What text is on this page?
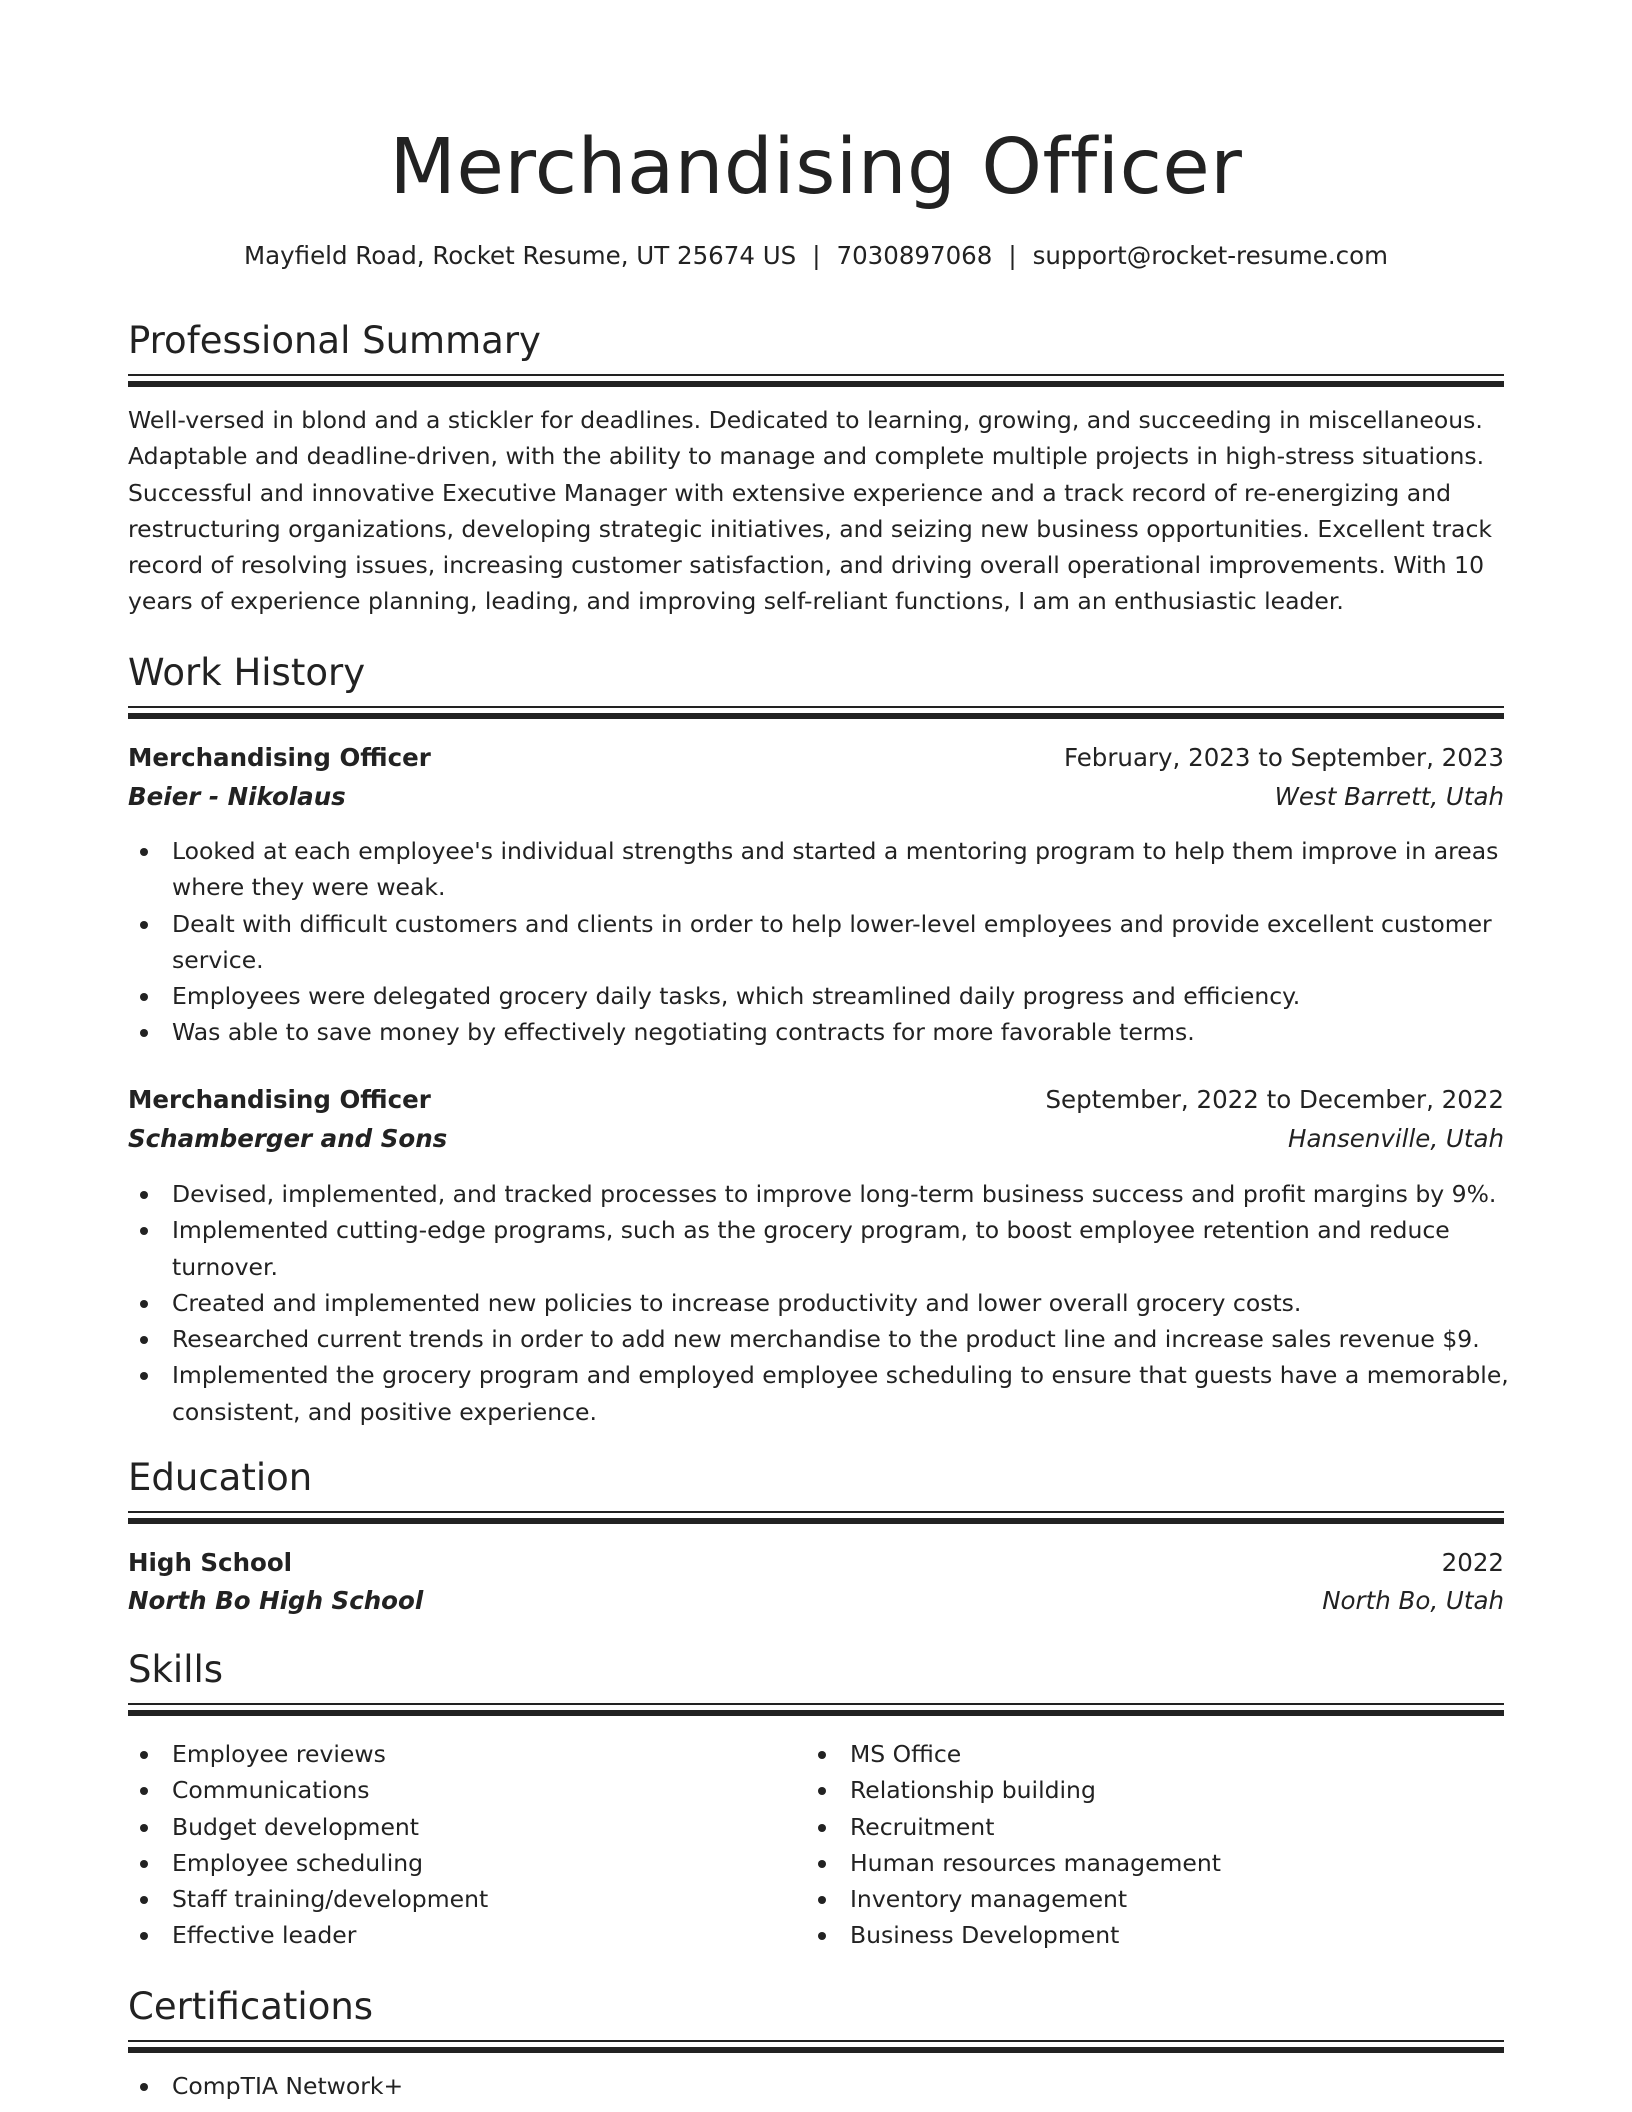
Merchandising Officer
Mayfield Road, Rocket Resume, UT 25674 US | 7030897068 | support@rocket-resume.com
Professional Summary
Well-versed in blond and a stickler for deadlines. Dedicated to learning, growing, and succeeding in miscellaneous.
Adaptable and deadline-driven, with the ability to manage and complete multiple projects in high-stress situations.
Successful and innovative Executive Manager with extensive experience and a track record of re-energizing and
restructuring organizations, developing strategic initiatives, and seizing new business opportunities. Excellent track
record of resolving issues, increasing customer satisfaction, and driving overall operational improvements. With 10
years of experience planning, leading, and improving self-reliant functions, I am an enthusiastic leader.
Work History
Merchandising Officer	February, 2023 to September, 2023
Beier - Nikolaus	West Barrett, Utah
Looked at each employee's individual strengths and started a mentoring program to help them improve in areas
where they were weak.
Dealt with difficult customers and clients in order to help lower-level employees and provide excellent customer
service.
Employees were delegated grocery daily tasks, which streamlined daily progress and efficiency.
Was able to save money by effectively negotiating contracts for more favorable terms.
Merchandising Officer	September, 2022 to December, 2022
Schamberger and Sons	Hansenville, Utah
Devised, implemented, and tracked processes to improve long-term business success and profit margins by 9%.
Implemented cutting-edge programs, such as the grocery program, to boost employee retention and reduce
turnover.
Created and implemented new policies to increase productivity and lower overall grocery costs.
Researched current trends in order to add new merchandise to the product line and increase sales revenue $9.
Implemented the grocery program and employed employee scheduling to ensure that guests have a memorable,
consistent, and positive experience.
Education
High School	2022
North Bo High School	North Bo, Utah
Skills
Employee reviews
Communications
Budget development
Employee scheduling
Staff training/development
Effective leader
MS Office
Relationship building
Recruitment
Human resources management
Inventory management
Business Development
Certifications
CompTIA Network+
